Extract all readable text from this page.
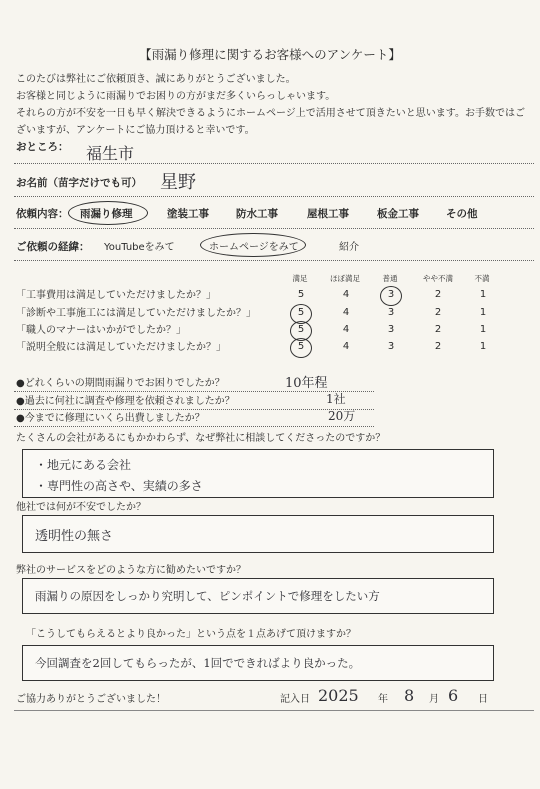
【雨漏り修理に関するお客様へのアンケート】
このたびは弊社にご依頼頂き、誠にありがとうございました。
お客様と同じように雨漏りでお困りの方がまだ多くいらっしゃいます。
それらの方が不安を一日も早く解決できるようにホームページ上で活用させて頂きたいと思います。お手数ではご
ざいますが、アンケートにご協力頂けると幸いです。
おところ： 福生市
お名前（苗字だけでも可） 星野
依頼内容： 雨漏り修理	塗装工事	防水工事	屋根工事	板金工事	その他
ご依頼の経緯： YouTubeをみて	ホームページをみて	紹介
満足	ほぼ満足	普通	やや不満	不満
「工事費用は満足していただけましたか？」	5	4	3	2	1
「診断や工事施工には満足していただけましたか？」	5	4	3	2	1
「職人のマナーはいかがでしたか？」	5	4	3	2	1
「説明全般には満足していただけましたか？」	5	4	3	2	1
●どれくらいの期間雨漏りでお困りでしたか？	10年程
●過去に何社に調査や修理を依頼されましたか？	1社
●今までに修理にいくら出費しましたか？	20万
たくさんの会社があるにもかかわらず、なぜ弊社に相談してくださったのですか？
・地元にある会社
・専門性の高さや、実績の多さ
他社では何が不安でしたか？
透明性の無さ
弊社のサービスをどのような方に勧めたいですか？
雨漏りの原因をしっかり究明して、ピンポイントで修理をしたい方
「こうしてもらえるとより良かった」という点を１点あげて頂けますか？
今回調査を2回してもらったが、1回でできればより良かった。
ご協力ありがとうございました！	記入日 2025 年 8 月 6 日
